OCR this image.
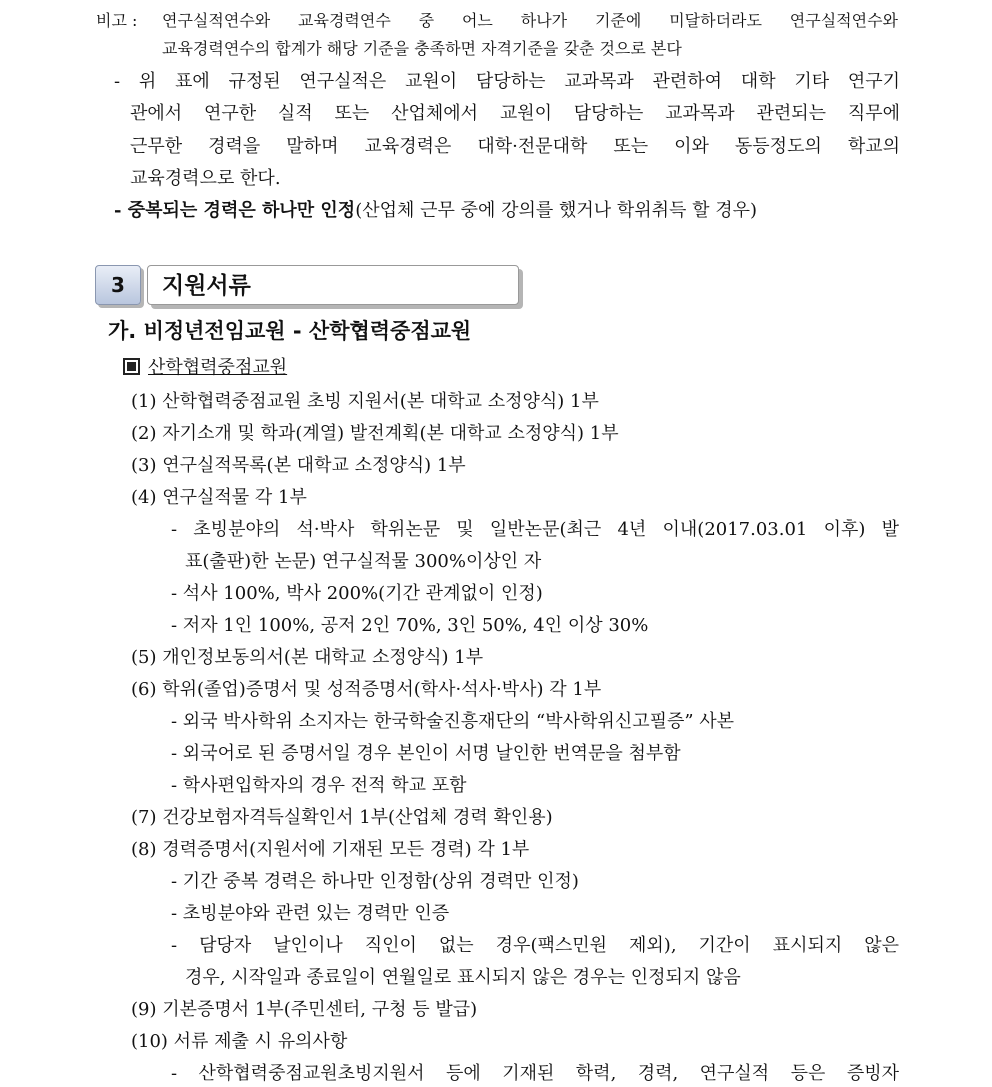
비고 : 연구실적연수와 교육경력연수 중 어느 하나가 기준에 미달하더라도 연구실적연수와
교육경력연수의 합계가 해당 기준을 충족하면 자격기준을 갖춘 것으로 본다
- 위 표에 규정된 연구실적은 교원이 담당하는 교과목과 관련하여 대학 기타 연구기
관에서 연구한 실적 또는 산업체에서 교원이 담당하는 교과목과 관련되는 직무에
근무한 경력을 말하며 교육경력은 대학·전문대학 또는 이와 동등정도의 학교의
교육경력으로 한다.
- 중복되는 경력은 하나만 인정(산업체 근무 중에 강의를 했거나 학위취득 할 경우)
3	지원서류
가. 비정년전임교원 - 산학협력중점교원
산학협력중점교원
(1) 산학협력중점교원 초빙 지원서(본 대학교 소정양식) 1부
(2) 자기소개 및 학과(계열) 발전계획(본 대학교 소정양식) 1부
(3) 연구실적목록(본 대학교 소정양식) 1부
(4) 연구실적물 각 1부
- 초빙분야의 석·박사 학위논문 및 일반논문(최근 4년 이내(2017.03.01 이후) 발
표(출판)한 논문) 연구실적물 300%이상인 자
- 석사 100%, 박사 200%(기간 관계없이 인정)
- 저자 1인 100%, 공저 2인 70%, 3인 50%, 4인 이상 30%
(5) 개인정보동의서(본 대학교 소정양식) 1부
(6) 학위(졸업)증명서 및 성적증명서(학사·석사·박사) 각 1부
- 외국 박사학위 소지자는 한국학술진흥재단의 “박사학위신고필증” 사본
- 외국어로 된 증명서일 경우 본인이 서명 날인한 번역문을 첨부함
- 학사편입학자의 경우 전적 학교 포함
(7) 건강보험자격득실확인서 1부(산업체 경력 확인용)
(8) 경력증명서(지원서에 기재된 모든 경력) 각 1부
- 기간 중복 경력은 하나만 인정함(상위 경력만 인정)
- 초빙분야와 관련 있는 경력만 인증
- 담당자 날인이나 직인이 없는 경우(팩스민원 제외), 기간이 표시되지 않은
경우, 시작일과 종료일이 연월일로 표시되지 않은 경우는 인정되지 않음
(9) 기본증명서 1부(주민센터, 구청 등 발급)
(10) 서류 제출 시 유의사항
- 산학협력중점교원초빙지원서 등에 기재된 학력, 경력, 연구실적 등은 증빙자
